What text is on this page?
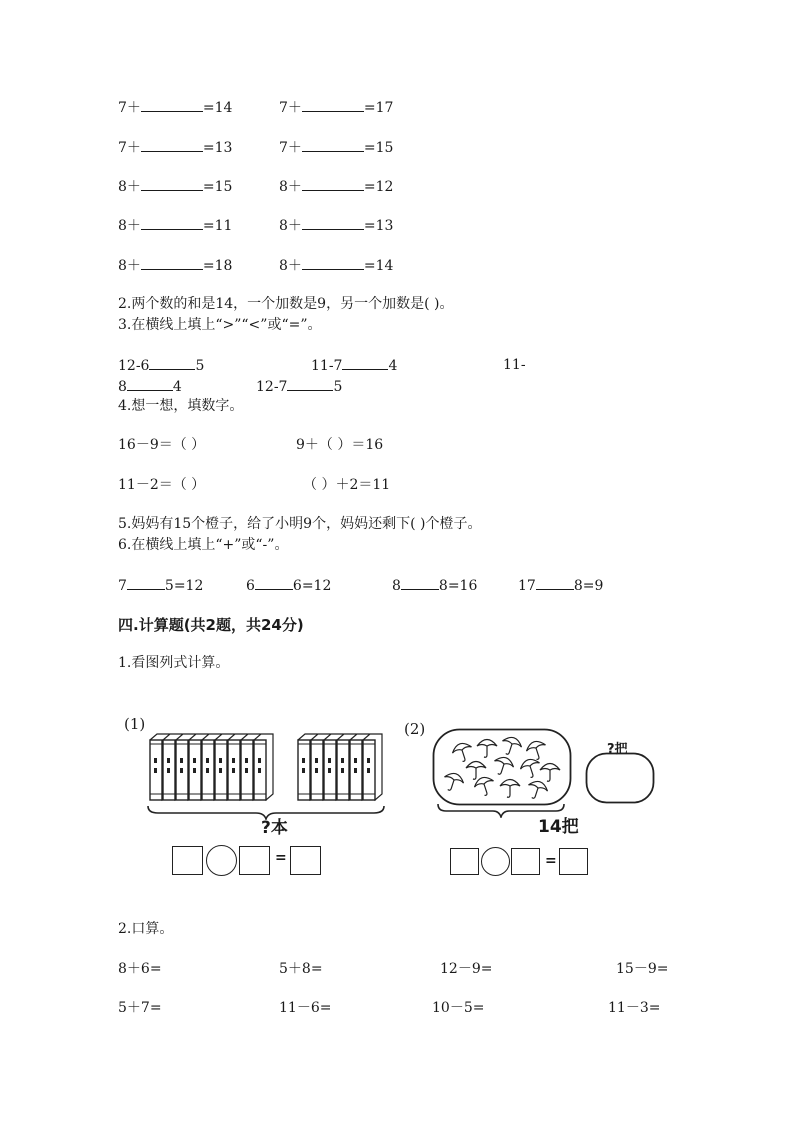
7＋	=14	7＋	=17
7＋	=13	7＋	=15
8＋	=15	8＋	=12
8＋	=11	8＋	=13
8＋	=18	8＋	=14
2.两个数的和是14，一个加数是9，另一个加数是( )。
3.在横线上填上“>”“<”或“=”。
12-6	5	11-7	4	11-
8	4	12-7	5
4.想一想，填数字。
16－9＝（ ）	9＋（ ）＝16
11－2＝（ ）	（ ）＋2＝11
5.妈妈有15个橙子，给了小明9个，妈妈还剩下( )个橙子。
6.在横线上填上“+”或“-”。
7	5=12	6	6=12	8	8=16	17	8=9
四.计算题(共2题，共24分)
1.看图列式计算。
(1)
?本
=
(2)
?把
14把
=
2.口算。
8＋6=	5＋8=	12－9=	15－9=
5＋7=	11－6=	10－5=	11－3=
